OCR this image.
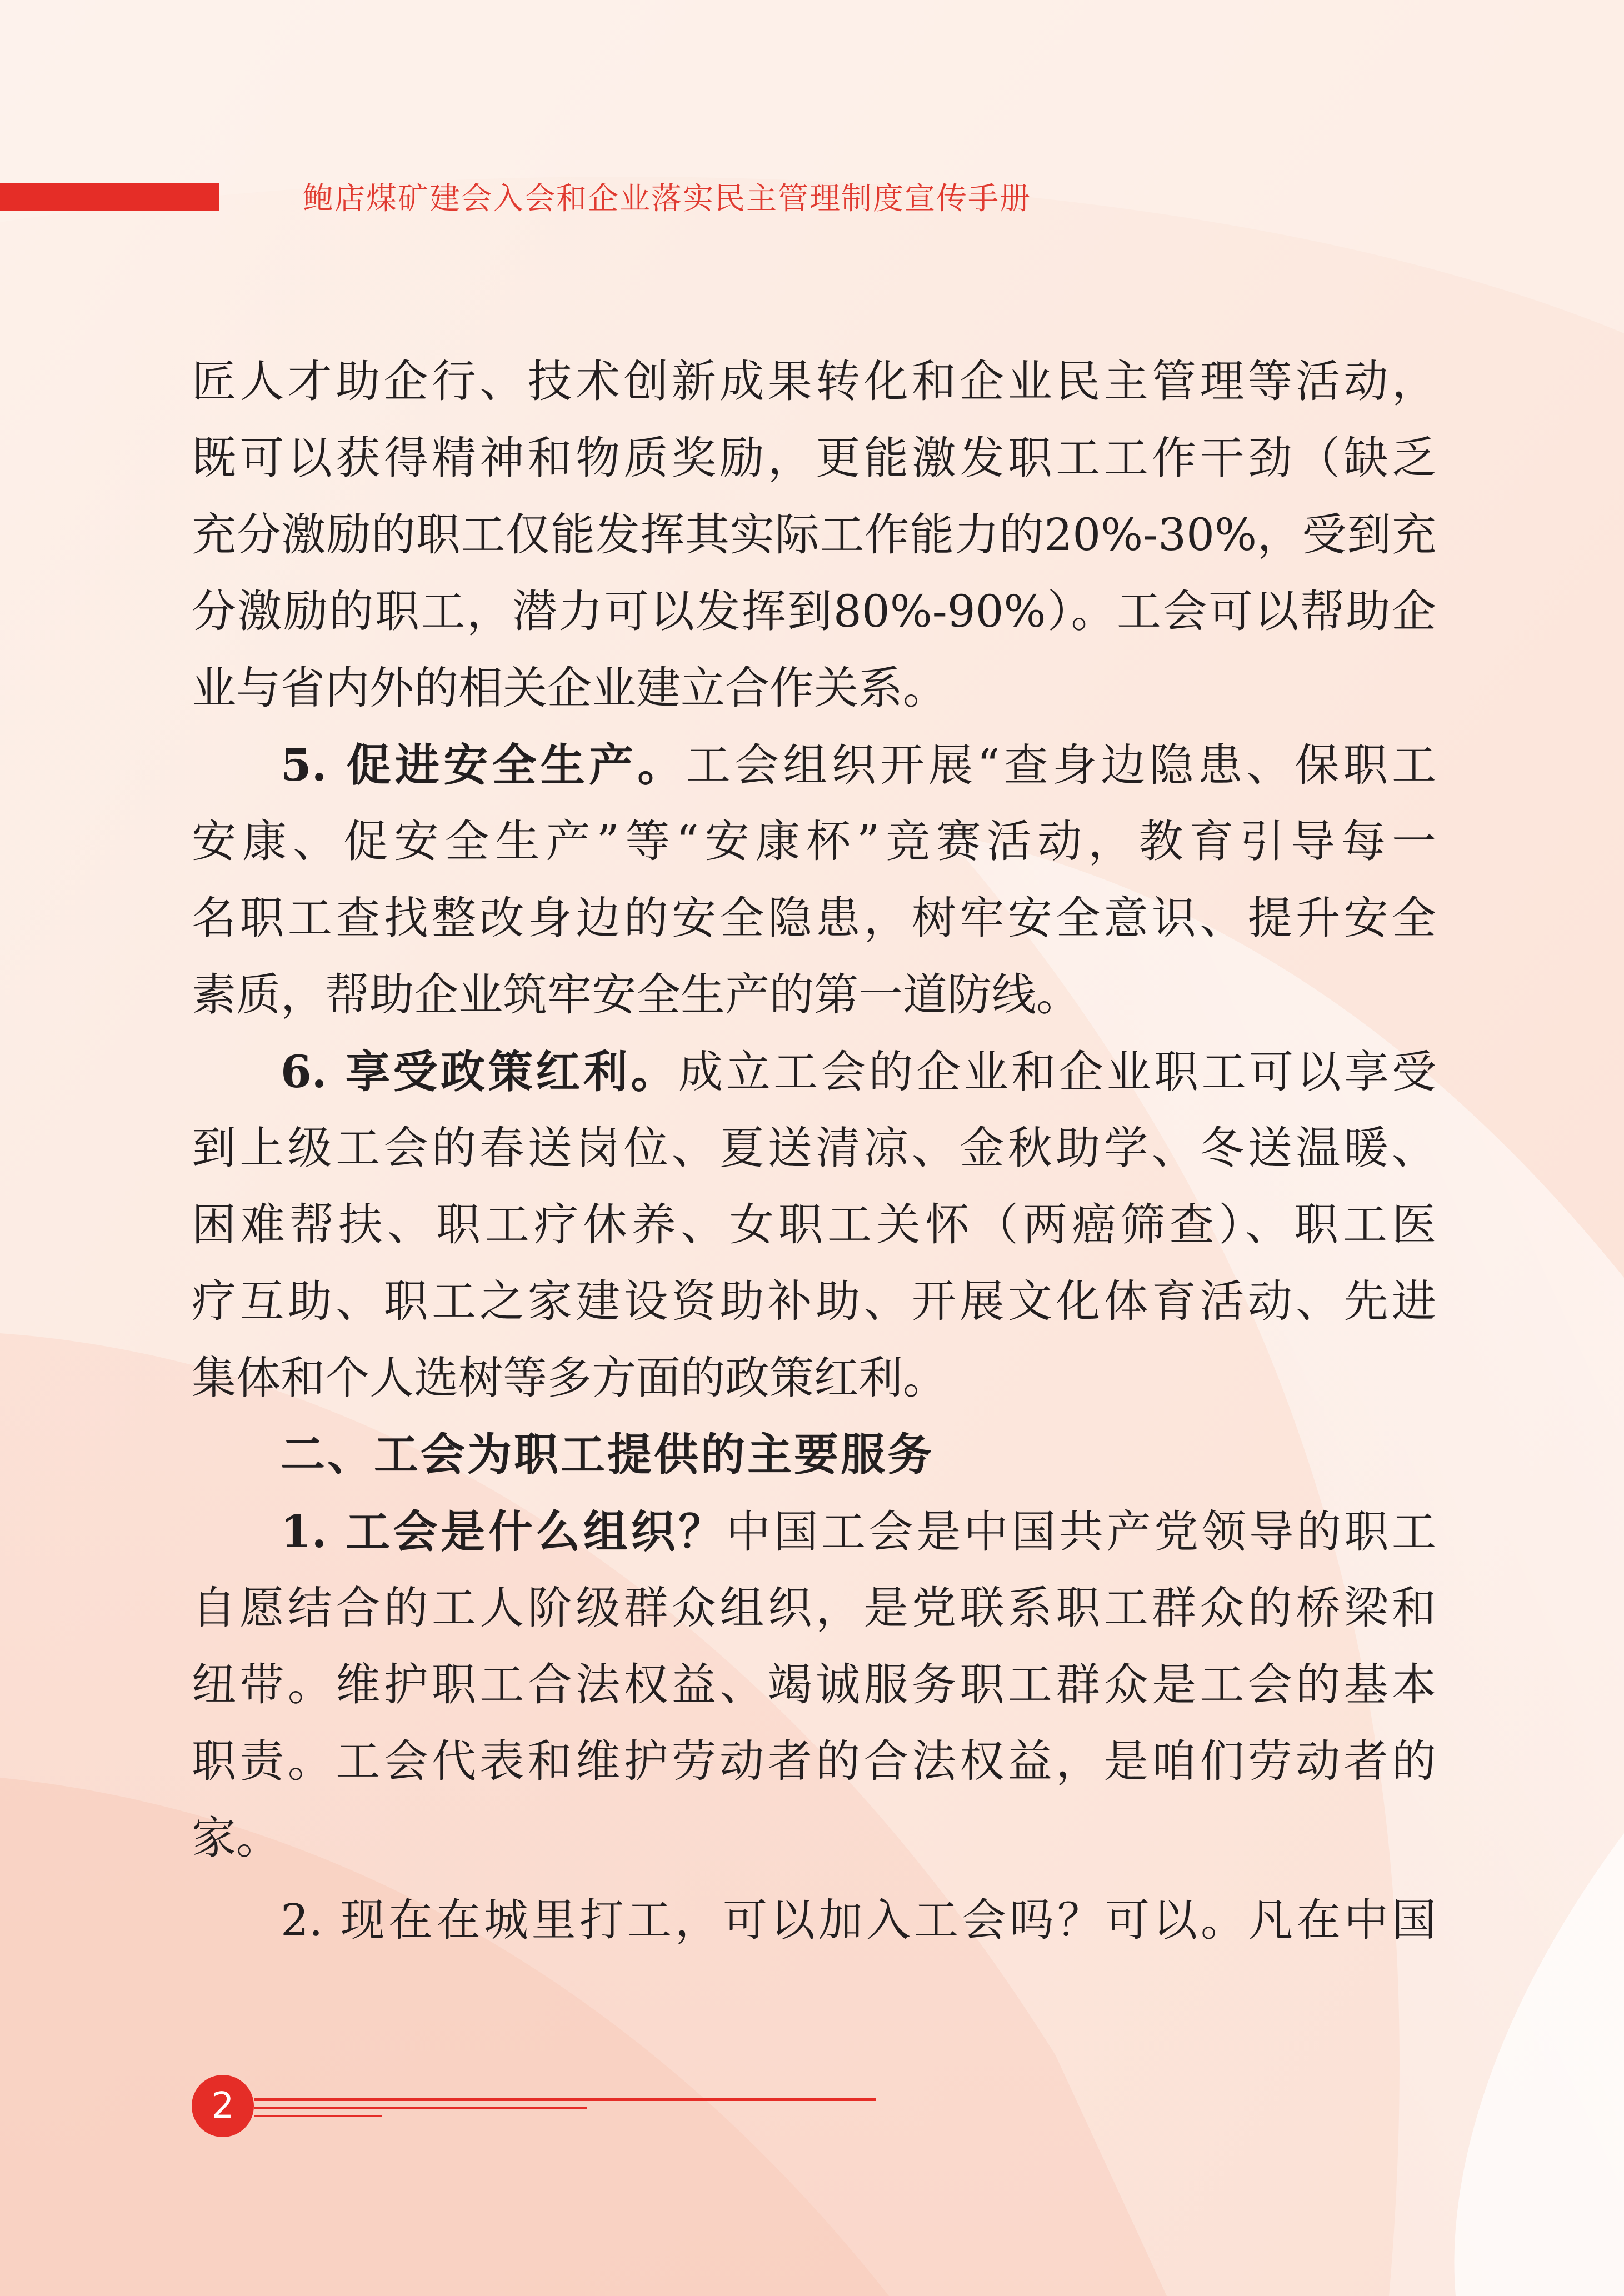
鲍店煤矿建会入会和企业落实民主管理制度宣传手册
匠人才助企行、技术创新成果转化和企业民主管理等活动，
既可以获得精神和物质奖励，更能激发职工工作干劲（缺乏
充分激励的职工仅能发挥其实际工作能力的20%-30%，受到充
分激励的职工，潜力可以发挥到80%-90%）。工会可以帮助企
业与省内外的相关企业建立合作关系。
5. 促进安全生产。工会组织开展“查身边隐患、保职工
安康、促安全生产”等“安康杯”竞赛活动，教育引导每一
名职工查找整改身边的安全隐患，树牢安全意识、提升安全
素质，帮助企业筑牢安全生产的第一道防线。
6. 享受政策红利。成立工会的企业和企业职工可以享受
到上级工会的春送岗位、夏送清凉、金秋助学、冬送温暖、
困难帮扶、职工疗休养、女职工关怀（两癌筛查）、职工医
疗互助、职工之家建设资助补助、开展文化体育活动、先进
集体和个人选树等多方面的政策红利。
二、工会为职工提供的主要服务
1. 工会是什么组织？中国工会是中国共产党领导的职工
自愿结合的工人阶级群众组织，是党联系职工群众的桥梁和
纽带。维护职工合法权益、竭诚服务职工群众是工会的基本
职责。工会代表和维护劳动者的合法权益，是咱们劳动者的
家。
2. 现在在城里打工，可以加入工会吗？可以。凡在中国
2
